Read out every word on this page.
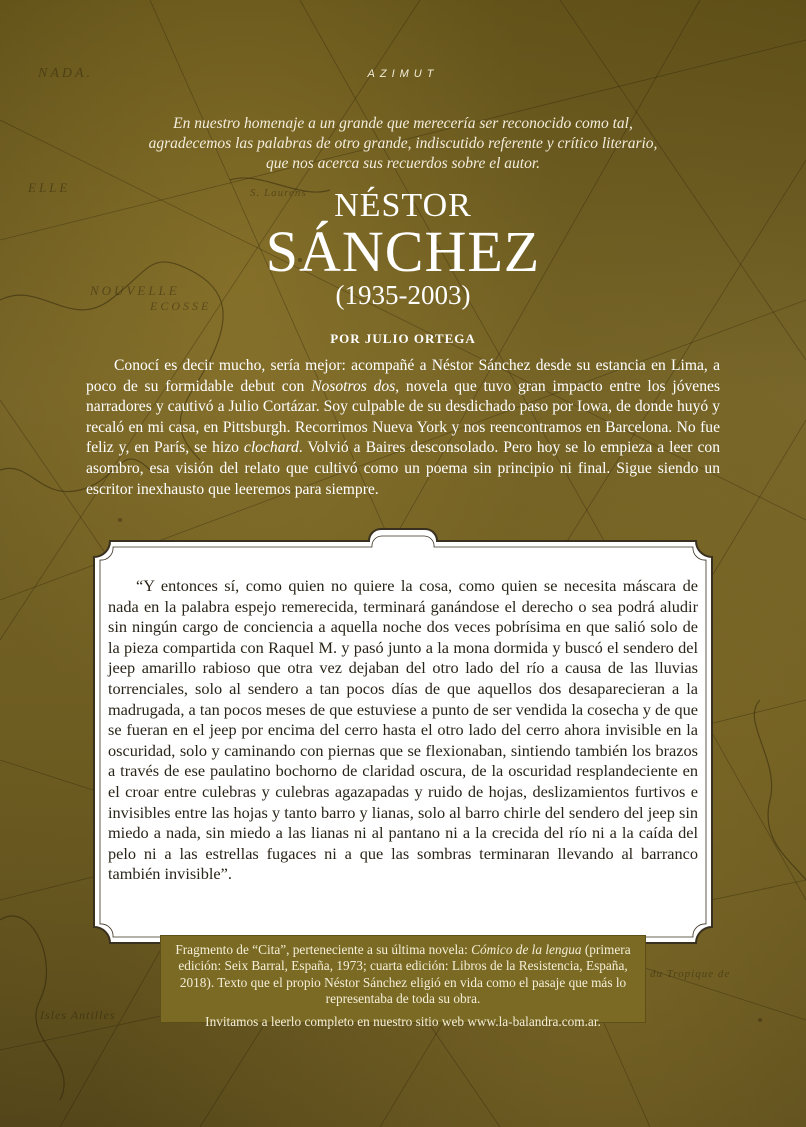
NADA.
ELLE	S. Laurens
NOUVELLE
ECOSSE
Isles Antilles
du Tropique de
AZIMUT
En nuestro homenaje a un grande que merecería ser reconocido como tal,
agradecemos las palabras de otro grande, indiscutido referente y crítico literario,
que nos acerca sus recuerdos sobre el autor.
NÉSTOR
SÁNCHEZ
(1935-2003)
POR JULIO ORTEGA

Conocí es decir mucho, sería mejor: acompañé a Néstor Sánchez desde su estancia en Lima, a poco de su formidable debut con Nosotros dos, novela que tuvo gran impacto entre los jóvenes narradores y cautivó a Julio Cortázar. Soy culpable de su desdichado paso por Iowa, de donde huyó y recaló en mi casa, en Pittsburgh. Recorrimos Nueva York y nos reencontramos en Barcelona. No fue feliz y, en París, se hizo clochard. Volvió a Baires desconsolado. Pero hoy se lo empieza a leer con asombro, esa visión del relato que cultivó como un poema sin principio ni final. Sigue siendo un escritor inexhausto que leeremos para siempre.

“Y entonces sí, como quien no quiere la cosa, como quien se necesita máscara de nada en la palabra espejo remerecida, terminará ganándose el derecho o sea podrá aludir sin ningún cargo de conciencia a aquella noche dos veces pobrísima en que salió solo de la pieza compartida con Raquel M. y pasó junto a la mona dormida y buscó el sendero del jeep amarillo rabioso que otra vez dejaban del otro lado del río a causa de las lluvias torrenciales, solo al sendero a tan pocos días de que aquellos dos desaparecieran a la madrugada, a tan pocos meses de que estuviese a punto de ser vendida la cosecha y de que se fueran en el jeep por encima del cerro hasta el otro lado del cerro ahora invisible en la oscuridad, solo y caminando con piernas que se flexionaban, sintiendo también los brazos a través de ese paulatino bochorno de claridad oscura, de la oscuridad resplandeciente en el croar entre culebras y culebras agazapadas y ruido de hojas, deslizamientos furtivos e invisibles entre las hojas y tanto barro y lianas, solo al barro chirle del sendero del jeep sin miedo a nada, sin miedo a las lianas ni al pantano ni a la crecida del río ni a la caída del pelo ni a las estrellas fugaces ni a que las sombras terminaran llevando al barranco también invisible”.

Fragmento de “Cita”, perteneciente a su última novela: Cómico de la lengua (primera edición: Seix Barral, España, 1973; cuarta edición: Libros de la Resistencia, España, 2018). Texto que el propio Néstor Sánchez eligió en vida como el pasaje que más lo representaba de toda su obra.

Invitamos a leerlo completo en nuestro sitio web www.la-balandra.com.ar.
